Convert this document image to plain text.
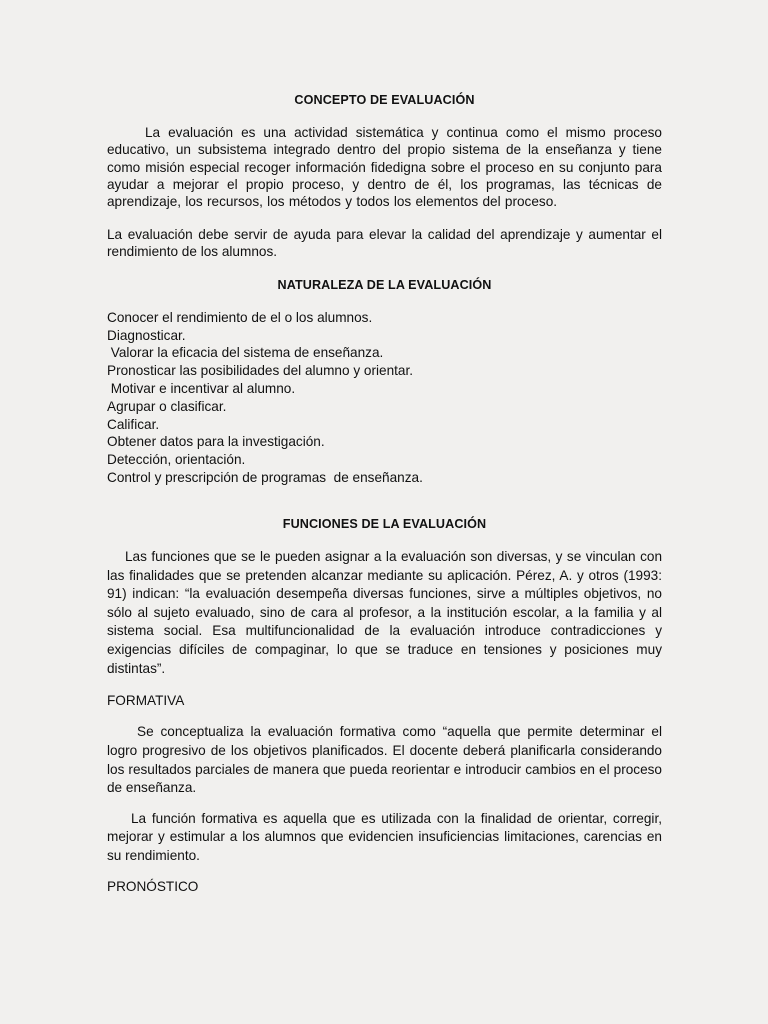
CONCEPTO DE EVALUACIÓN

La evaluación es una actividad sistemática y continua como el mismo proceso educativo, un subsistema integrado dentro del propio sistema de la enseñanza y tiene como misión especial recoger información fidedigna sobre el proceso en su conjunto para ayudar a mejorar el propio proceso, y dentro de él, los programas, las técnicas de aprendizaje, los recursos, los métodos y todos los elementos del proceso.

La evaluación debe servir de ayuda para elevar la calidad del aprendizaje y aumentar el rendimiento de los alumnos.

NATURALEZA DE LA EVALUACIÓN
Conocer el rendimiento de el o los alumnos.
Diagnosticar.
Valorar la eficacia del sistema de enseñanza.
Pronosticar las posibilidades del alumno y orientar.
Motivar e incentivar al alumno.
Agrupar o clasificar.
Calificar.
Obtener datos para la investigación.
Detección, orientación.
Control y prescripción de programas  de enseñanza.
FUNCIONES DE LA EVALUACIÓN

Las funciones que se le pueden asignar a la evaluación son diversas, y se vinculan con las finalidades que se pretenden alcanzar mediante su aplicación. Pérez, A. y otros (1993: 91) indican: “la evaluación desempeña diversas funciones, sirve a múltiples objetivos, no sólo al sujeto evaluado, sino de cara al profesor, a la institución escolar, a la familia y al sistema social. Esa multifuncionalidad de la evaluación introduce contradicciones y exigencias difíciles de compaginar, lo que se traduce en tensiones y posiciones muy distintas”.

FORMATIVA

Se conceptualiza la evaluación formativa como “aquella que permite determinar el logro progresivo de los objetivos planificados. El docente deberá planificarla considerando los resultados parciales de manera que pueda reorientar e introducir cambios en el proceso de enseñanza.

La función formativa es aquella que es utilizada con la finalidad de orientar, corregir, mejorar y estimular a los alumnos que evidencien insuficiencias limitaciones, carencias en su rendimiento.

PRONÓSTICO
